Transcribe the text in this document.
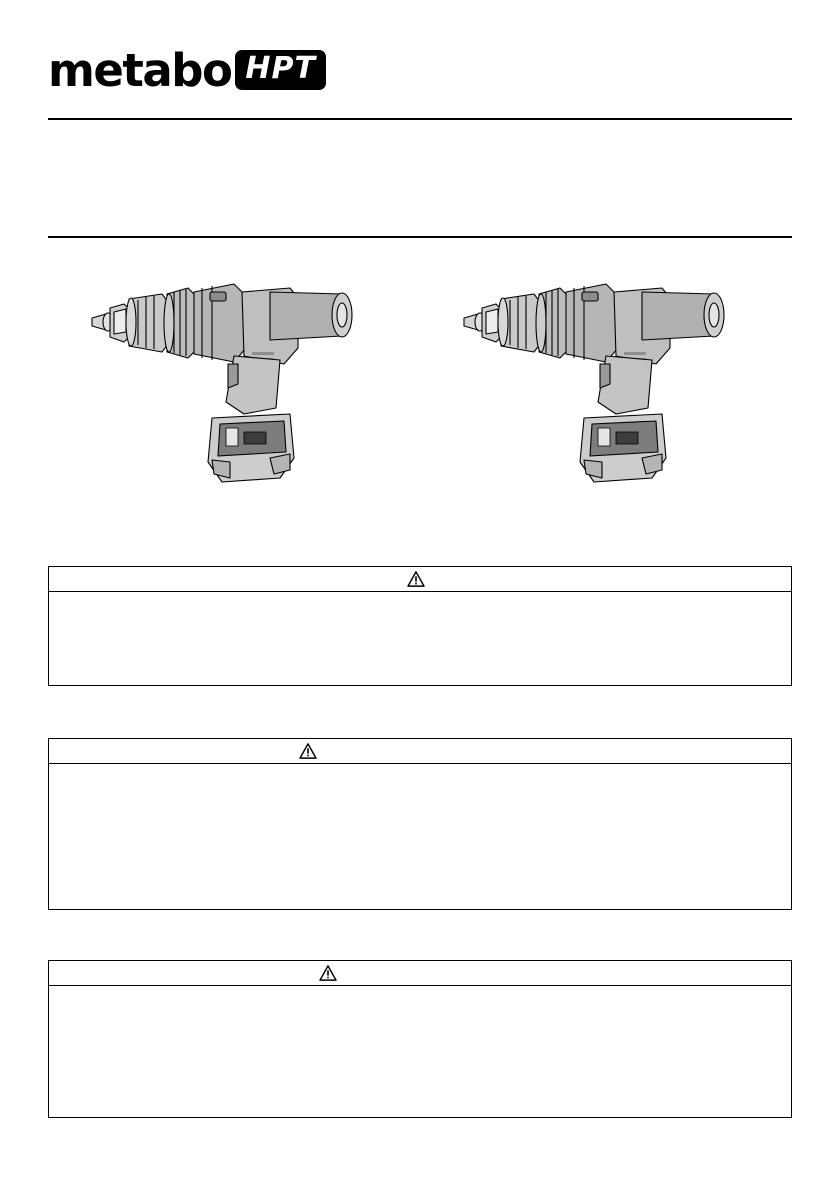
metabo HPT
